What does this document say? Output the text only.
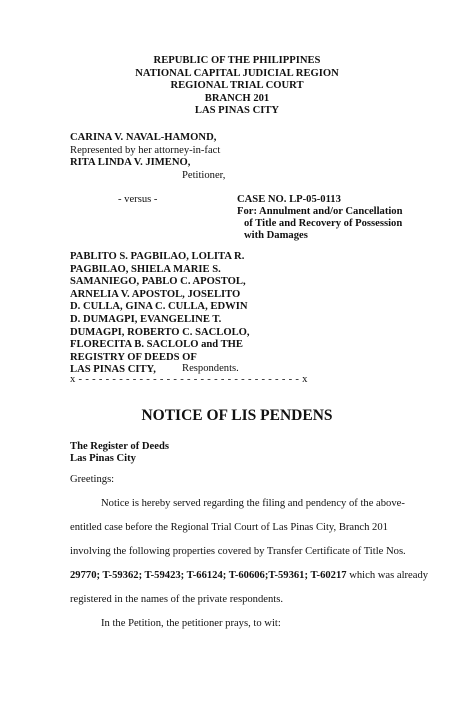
REPUBLIC OF THE PHILIPPINES
NATIONAL CAPITAL JUDICIAL REGION
REGIONAL TRIAL COURT
BRANCH 201
LAS PINAS CITY
CARINA V. NAVAL-HAMOND,
Represented by her attorney-in-fact
RITA LINDA V. JIMENO,
Petitioner,
- versus -	CASE NO. LP-05-0113
For: Annulment and/or Cancellation
of Title and Recovery of Possession
with Damages
PABLITO S. PAGBILAO, LOLITA R.
PAGBILAO, SHIELA MARIE S.
SAMANIEGO, PABLO C. APOSTOL,
ARNELIA V. APOSTOL, JOSELITO
D. CULLA, GINA C. CULLA, EDWIN
D. DUMAGPI, EVANGELINE T.
DUMAGPI, ROBERTO C. SACLOLO,
FLORECITA B. SACLOLO and THE
REGISTRY OF DEEDS OF
LAS PINAS CITY,	Respondents.
x - - - - - - - - - - - - - - - - - - - - - - - - - - - - - - - - - x
NOTICE OF LIS PENDENS
The Register of Deeds
Las Pinas City
Greetings:
Notice is hereby served regarding the filing and pendency of the above-
entitled case before the Regional Trial Court of Las Pinas City, Branch 201
involving the following properties covered by Transfer Certificate of Title Nos.
29770; T-59362; T-59423; T-66124; T-60606;T-59361; T-60217 which was already
registered in the names of the private respondents.
In the Petition, the petitioner prays, to wit:
